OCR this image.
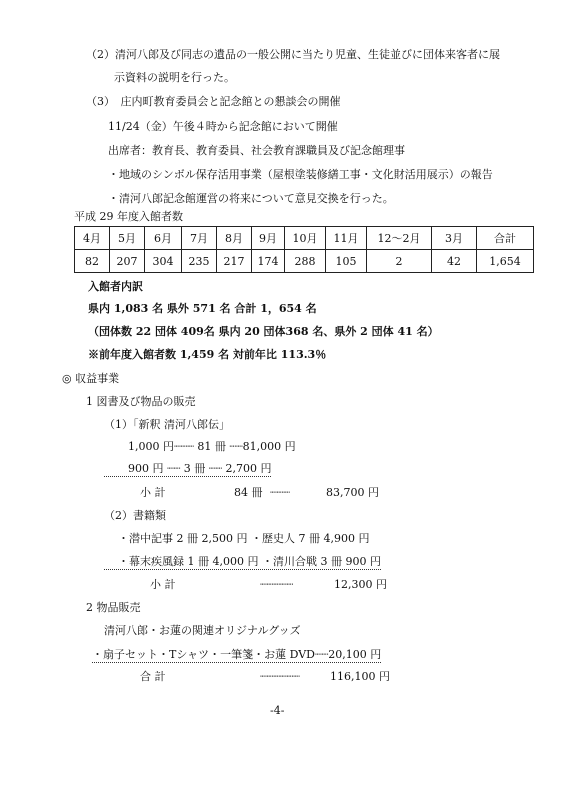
（2）清河八郎及び同志の遺品の一般公開に当たり児童、生徒並びに団体来客者に展
示資料の説明を行った。
（3）　庄内町教育委員会と記念館との懇談会の開催
11/24（金）午後４時から記念館において開催
出席者：教育長、教育委員、社会教育課職員及び記念館理事
・地域のシンボル保存活用事業（屋根塗装修繕工事・文化財活用展示）の報告
・清河八郎記念館運営の将来について意見交換を行った。
平成 29 年度入館者数
4月	5月	6月	7月	8月	9月	10月	11月	12～2月	3月	合計
82	207	304	235	217	174	288	105	2	42	1,654
入館者内訳
県内 1,083 名 県外 571 名 合計 1，654 名
（団体数 22 団体 409名 県内 20 団体368 名、県外 2 団体 41 名）
※前年度入館者数 1,459 名 対前年比 113.3％
◎ 収益事業
1 図書及び物品の販売
（1）「新釈 清河八郎伝」
1,000 円┈┈┈ 81 冊 ┈┈81,000 円
900 円 ┈┈ 3 冊 ┈┈ 2,700 円
小 計	84 冊 ┈┈┈	83,700 円
（2）書籍類
・潜中記事 2 冊 2,500 円 ・歴史人 7 冊 4,900 円
・幕末疾風録 1 冊 4,000 円 ・清川合戦 3 冊 900 円
小 計	┈┈┈┈┈	12,300 円
2 物品販売
清河八郎・お蓮の関連オリジナルグッズ
・扇子セット・Tシャツ・一筆箋・お蓮 DVD┈┈20,100 円
合 計	┈┈┈┈┈┈	116,100 円
-4-
